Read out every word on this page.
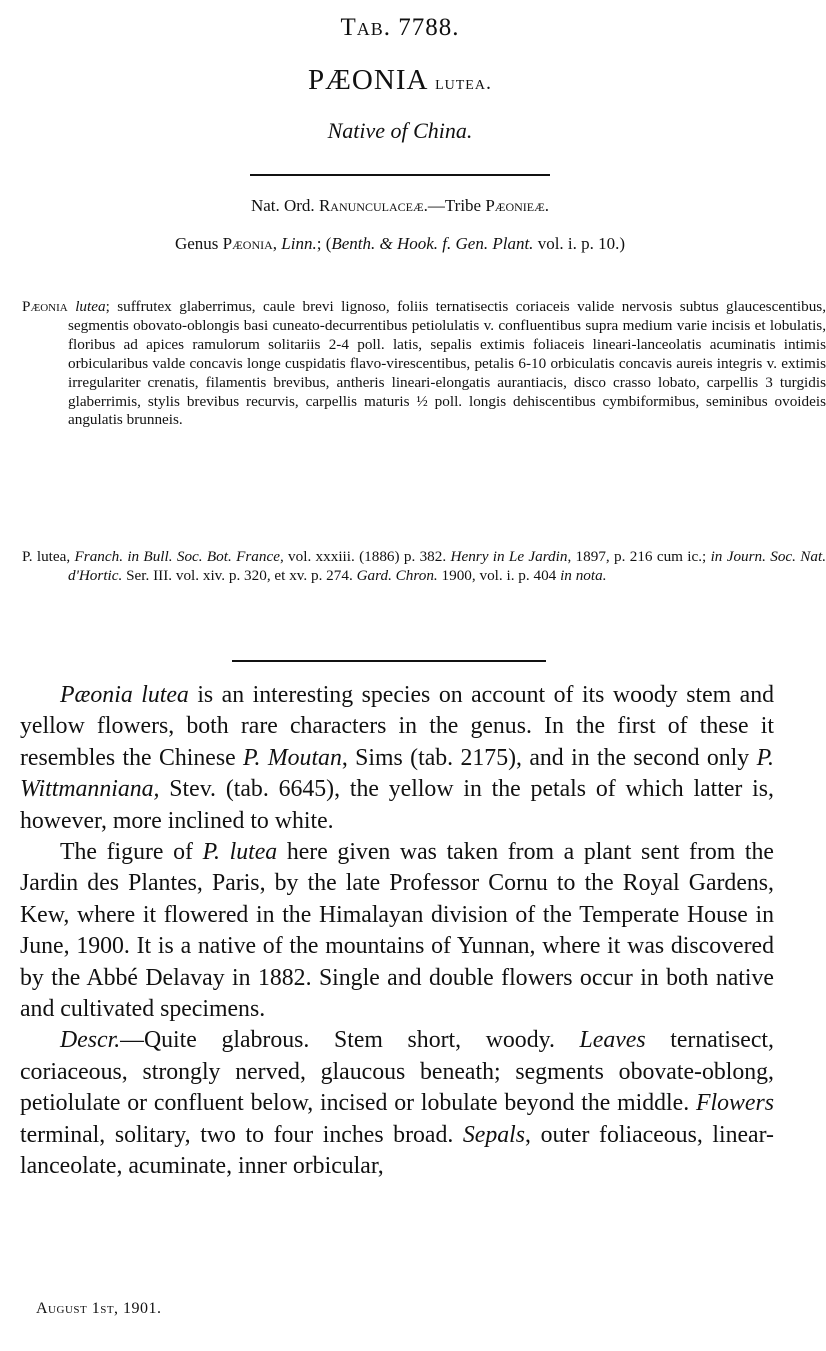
Tab. 7788.
PÆONIA lutea.
Native of China.
Nat. Ord. Ranunculaceæ.—Tribe Pæonieæ.
Genus Pæonia, Linn.; (Benth. & Hook. f. Gen. Plant. vol. i. p. 10.)
Pæonia lutea; suffrutex glaberrimus, caule brevi lignoso, foliis ternatisectis coriaceis valide nervosis subtus glaucescentibus, segmentis obovato-oblongis basi cuneato-decurrentibus petiolulatis v. confluentibus supra medium varie incisis et lobulatis, floribus ad apices ramulorum solitariis 2-4 poll. latis, sepalis extimis foliaceis lineari-lanceolatis acuminatis intimis orbicularibus valde concavis longe cuspidatis flavo-virescentibus, petalis 6-10 orbiculatis concavis aureis integris v. extimis irregulariter crenatis, filamentis brevibus, antheris lineari-elongatis aurantiacis, disco crasso lobato, carpellis 3 turgidis glaberrimis, stylis brevibus recurvis, carpellis maturis ½ poll. longis dehiscentibus cymbiformibus, seminibus ovoideis angulatis brunneis.
P. lutea, Franch. in Bull. Soc. Bot. France, vol. xxxiii. (1886) p. 382. Henry in Le Jardin, 1897, p. 216 cum ic.; in Journ. Soc. Nat. d'Hortic. Ser. III. vol. xiv. p. 320, et xv. p. 274. Gard. Chron. 1900, vol. i. p. 404 in nota.

Pæonia lutea is an interesting species on account of its woody stem and yellow flowers, both rare characters in the genus. In the first of these it resembles the Chinese P. Moutan, Sims (tab. 2175), and in the second only P. Wittmanniana, Stev. (tab. 6645), the yellow in the petals of which latter is, however, more inclined to white.

The figure of P. lutea here given was taken from a plant sent from the Jardin des Plantes, Paris, by the late Professor Cornu to the Royal Gardens, Kew, where it flowered in the Himalayan division of the Temperate House in June, 1900. It is a native of the mountains of Yunnan, where it was discovered by the Abbé Delavay in 1882. Single and double flowers occur in both native and cultivated specimens.

Descr.—Quite glabrous. Stem short, woody. Leaves ternatisect, coriaceous, strongly nerved, glaucous beneath; segments obovate-oblong, petiolulate or confluent below, incised or lobulate beyond the middle. Flowers terminal, solitary, two to four inches broad. Sepals, outer foliaceous, linear-lanceolate, acuminate, inner orbicular,

August 1st, 1901.
